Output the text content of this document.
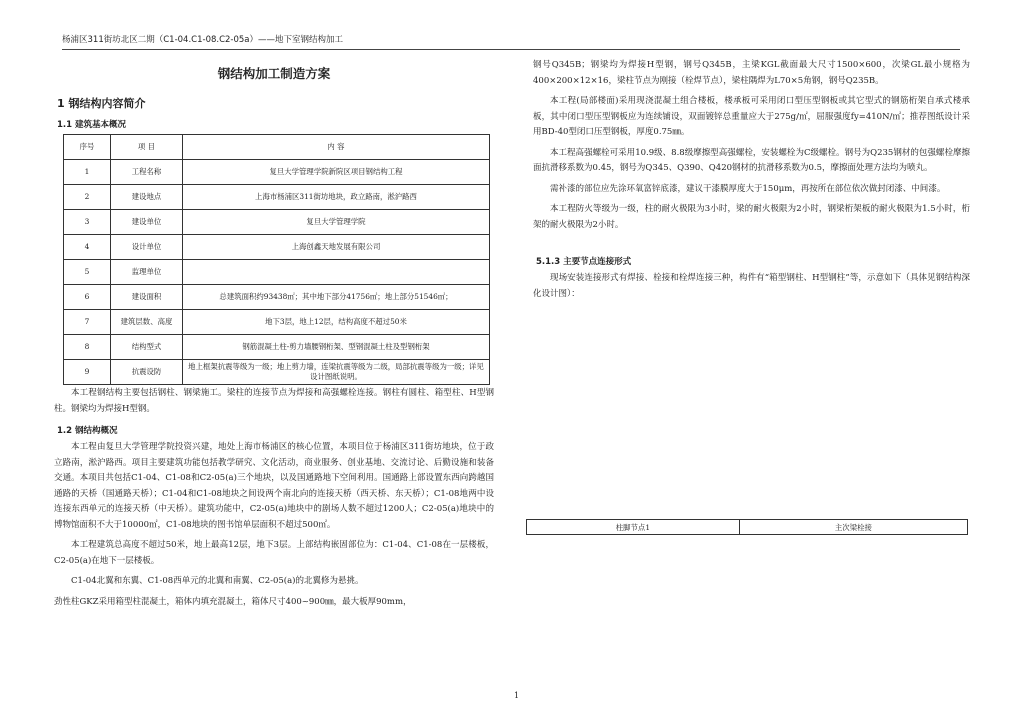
杨浦区311街坊北区二期（C1-04.C1-08.C2-05a）——地下室钢结构加工
钢结构加工制造方案
1 钢结构内容简介
1.1 建筑基本概况
序号	项 目	内 容
1	工程名称	复旦大学管理学院新院区项目钢结构工程
2	建设地点	上海市杨浦区311街坊地块，政立路南，淞沪路西
3	建设单位	复旦大学管理学院
4	设计单位	上海创鑫天地发展有限公司
5	监理单位	
6	建设面积	总建筑面积约93438㎡；其中地下部分41756㎡；地上部分51546㎡；
7	建筑层数、高度	地下3层，地上12层，结构高度不超过50米
8	结构型式	钢筋混凝土柱-剪力墙腰钢桁架、型钢混凝土柱及型钢桁架
9	抗震设防	地上框架抗震等级为一级；地上剪力墙，连梁抗震等级为二级，局部抗震等级为一级；详见设计图纸说明。

本工程钢结构主要包括钢柱、钢梁施工。梁柱的连接节点为焊接和高强螺栓连接。钢柱有圆柱、箱型柱、H型钢柱。钢梁均为焊接H型钢。

1.2 钢结构概况

本工程由复旦大学管理学院投资兴建，地处上海市杨浦区的核心位置，本项目位于杨浦区311街坊地块，位于政立路南，淞沪路西。项目主要建筑功能包括教学研究、文化活动，商业服务、创业基地、交流讨论、后勤设施和装备交通。本项目共包括C1-04、C1-08和C2-05(a)三个地块，以及国通路地下空间利用。国通路上部设置东西向跨越国通路的天桥（国通路天桥）；C1-04和C1-08地块之间设两个南北向的连接天桥（西天桥、东天桥）；C1-08地两中设连接东西单元的连接天桥（中天桥）。建筑功能中，C2-05(a)地块中的剧场人数不超过1200人；C2-05(a)地块中的博物馆面积不大于10000㎡，C1-08地块的图书馆单层面积不超过500㎡。

本工程建筑总高度不超过50米，地上最高12层，地下3层。上部结构嵌固部位为：C1-04、C1-08在一层楼板，C2-05(a)在地下一层楼板。

C1-04北翼和东翼、C1-08西单元的北翼和南翼、C2-05(a)的北翼修为悬挑。

劲性柱GKZ采用箱型柱混凝土，箱体内填充混凝土，箱体尺寸400~900㎜，最大板厚90mm，

钢号Q345B；钢梁均为焊接H型钢，钢号Q345B，主梁KGL截面最大尺寸1500×600，次梁GL最小规格为400×200×12×16，梁柱节点为刚接（栓焊节点），梁柱隅焊为L70×5角钢，钢号Q235B。

本工程(局部楼面)采用现浇混凝土组合楼板，楼承板可采用闭口型压型钢板或其它型式的钢筋桁架自承式楼承板，其中闭口型压型钢板应为连续铺设，双面镀锌总重量应大于275g/㎡，屈服强度fy=410N/㎡；推荐图纸设计采用BD-40型闭口压型钢板，厚度0.75㎜。

本工程高强螺栓可采用10.9级、8.8级摩擦型高强螺栓，安装螺栓为C级螺栓。钢号为Q235钢材的包强螺栓摩擦面抗滑移系数为0.45，钢号为Q345、Q390、Q420钢材的抗滑移系数为0.5，摩擦面处理方法均为喷丸。

需补漆的部位应先涂环氧富锌底漆，建议干漆膜厚度大于150μm，再按所在部位依次做封闭漆、中间漆。

本工程防火等级为一级，柱的耐火极限为3小时，梁的耐火极限为2小时，钢梁桁架板的耐火极限为1.5小时，桁架的耐火极限为2小时。

5.1.3 主要节点连接形式

现场安装连接形式有焊接、栓接和栓焊连接三种，构件有“箱型钢柱、H型钢柱”等，示意如下（具体见钢结构深化设计图）：

柱脚节点1	主次梁栓接
1
